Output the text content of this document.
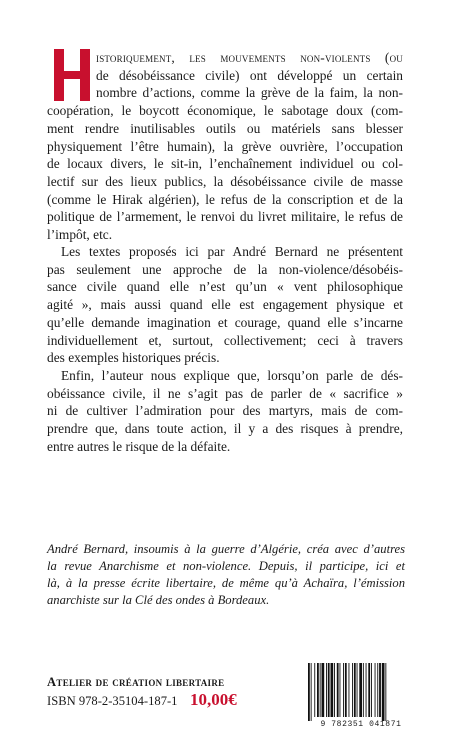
istoriquement, les mouvements non-violents (ou
de désobéissance civile) ont développé un certain
nombre d’actions, comme la grève de la faim, la non-
coopération, le boycott économique, le sabotage doux (com-
ment rendre inutilisables outils ou matériels sans blesser
physiquement l’être humain), la grève ouvrière, l’occupation
de locaux divers, le sit-in, l’enchaînement individuel ou col-
lectif sur des lieux publics, la désobéissance civile de masse
(comme le Hirak algérien), le refus de la conscription et de la
politique de l’armement, le renvoi du livret militaire, le refus de
l’impôt, etc.
Les textes proposés ici par André Bernard ne présentent
pas seulement une approche de la non-violence/désobéis-
sance civile quand elle n’est qu’un « vent philosophique
agité », mais aussi quand elle est engagement physique et
qu’elle demande imagination et courage, quand elle s’incarne
individuellement et, surtout, collectivement; ceci à travers
des exemples historiques précis.
Enfin, l’auteur nous explique que, lorsqu’on parle de dés-
obéissance civile, il ne s’agit pas de parler de « sacrifice »
ni de cultiver l’admiration pour des martyrs, mais de com-
prendre que, dans toute action, il y a des risques à prendre,
entre autres le risque de la défaite.
André Bernard, insoumis à la guerre d’Algérie, créa avec d’autres
la revue Anarchisme et non-violence. Depuis, il participe, ici et
là, à la presse écrite libertaire, de même qu’à Achaïra, l’émission
anarchiste sur la Clé des ondes à Bordeaux.
Atelier de création libertaire
ISBN 978-2-35104-187-1 10,00€
9 782351 041871
